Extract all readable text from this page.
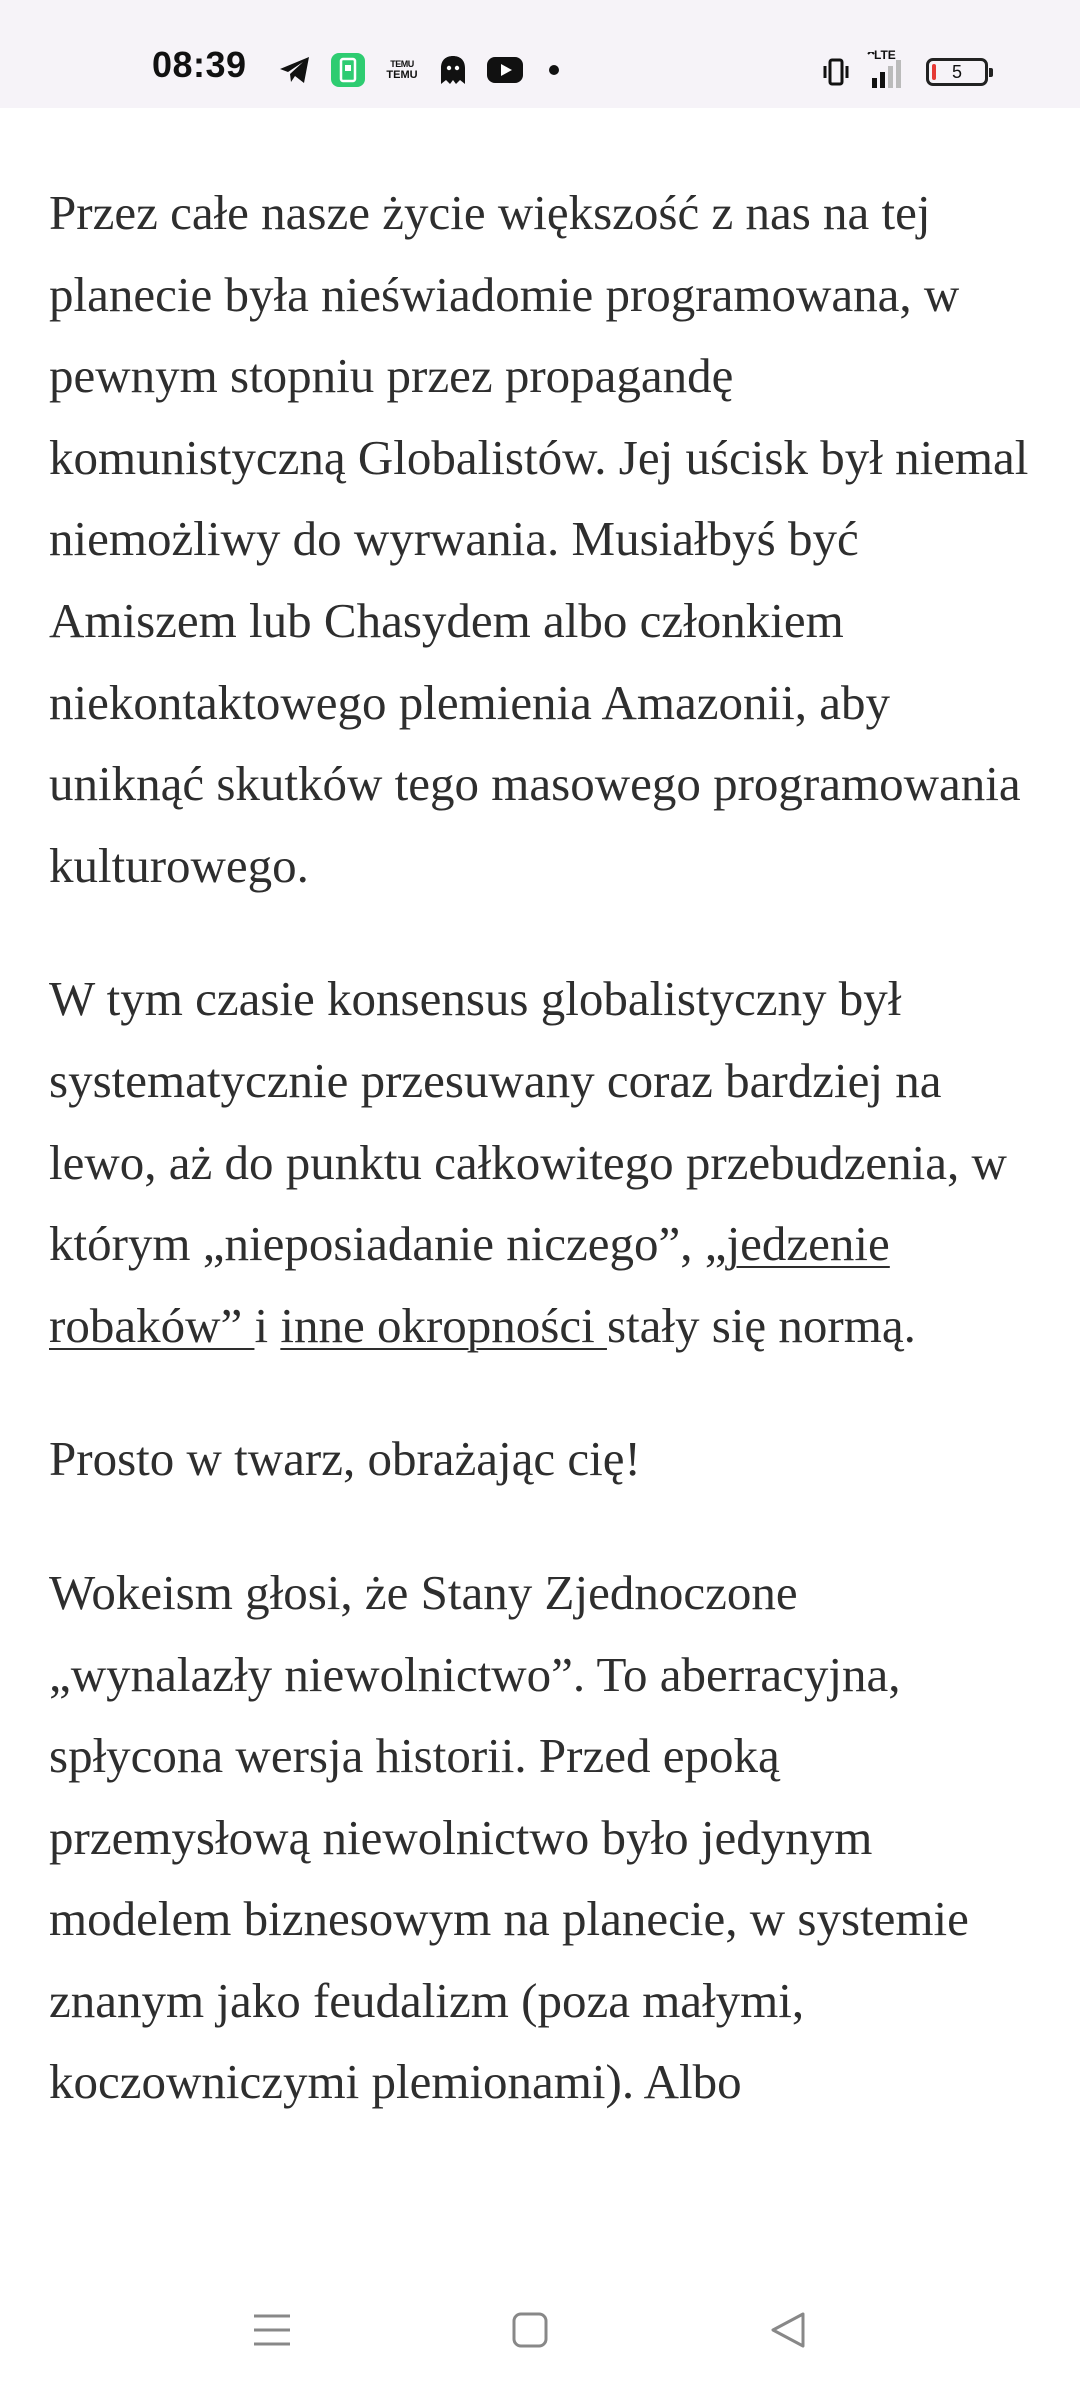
08:39	TEMU
TEMU
LTE
5

Przez całe nasze życie większość z nas na tej planecie była nieświadomie programowana, w pewnym stopniu przez propagandę komunistyczną Globalistów. Jej uścisk był niemal niemożliwy do wyrwania. Musiałbyś być Amiszem lub Chasydem albo członkiem niekontaktowego plemienia Amazonii, aby uniknąć skutków tego masowego programowania kulturowego.

W tym czasie konsensus globalistyczny był systematycznie przesuwany coraz bardziej na lewo, aż do punktu całkowitego przebudzenia, w którym „nieposiadanie niczego”, „jedzenie robaków” i inne okropności stały się normą.

Prosto w twarz, obrażając cię!

Wokeism głosi, że Stany Zjednoczone „wynalazły niewolnictwo”. To aberracyjna, spłycona wersja historii. Przed epoką przemysłową niewolnictwo było jedynym modelem biznesowym na planecie, w systemie znanym jako feudalizm (poza małymi, koczowniczymi plemionami). Albo
